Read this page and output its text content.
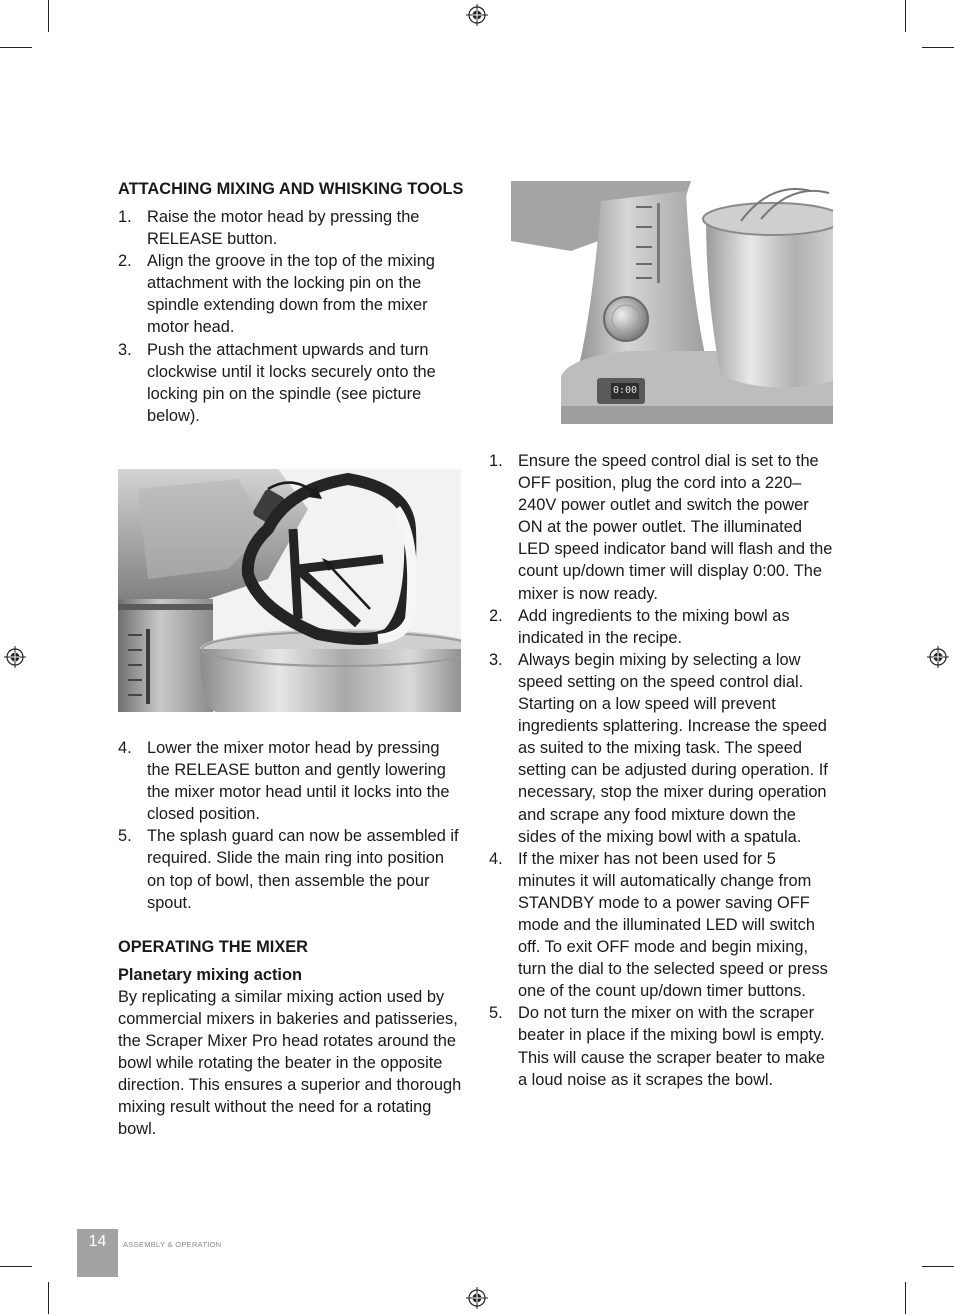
ATTACHING MIXING AND WHISKING TOOLS
1. Raise the motor head by pressing the RELEASE button.
2. Align the groove in the top of the mixing attachment with the locking pin on the spindle extending down from the mixer motor head.
3. Push the attachment upwards and turn clockwise until it locks securely onto the locking pin on the spindle (see picture below).
4. Lower the mixer motor head by pressing the RELEASE button and gently lowering the mixer motor head until it locks into the closed position.
5. The splash guard can now be assembled if required. Slide the main ring into position on top of bowl, then assemble the pour spout.
OPERATING THE MIXER
Planetary mixing action

By replicating a similar mixing action used by commercial mixers in bakeries and patisseries, the Scraper Mixer Pro head rotates around the bowl while rotating the beater in the opposite direction. This ensures a superior and thorough mixing result without the need for a rotating bowl.

0:00
1. Ensure the speed control dial is set to the OFF position, plug the cord into a 220–240V power outlet and switch the power ON at the power outlet. The illuminated LED speed indicator band will flash and the count up/down timer will display 0:00. The mixer is now ready.
2. Add ingredients to the mixing bowl as indicated in the recipe.
3. Always begin mixing by selecting a low speed setting on the speed control dial. Starting on a low speed will prevent ingredients splattering. Increase the speed as suited to the mixing task. The speed setting can be adjusted during operation. If necessary, stop the mixer during operation and scrape any food mixture down the sides of the mixing bowl with a spatula.
4. If the mixer has not been used for 5 minutes it will automatically change from STANDBY mode to a power saving OFF mode and the illuminated LED will switch off. To exit OFF mode and begin mixing, turn the dial to the selected speed or press one of the count up/down timer buttons.
5. Do not turn the mixer on with the scraper beater in place if the mixing bowl is empty. This will cause the scraper beater to make a loud noise as it scrapes the bowl.
14	ASSEMBLY & OPERATION
